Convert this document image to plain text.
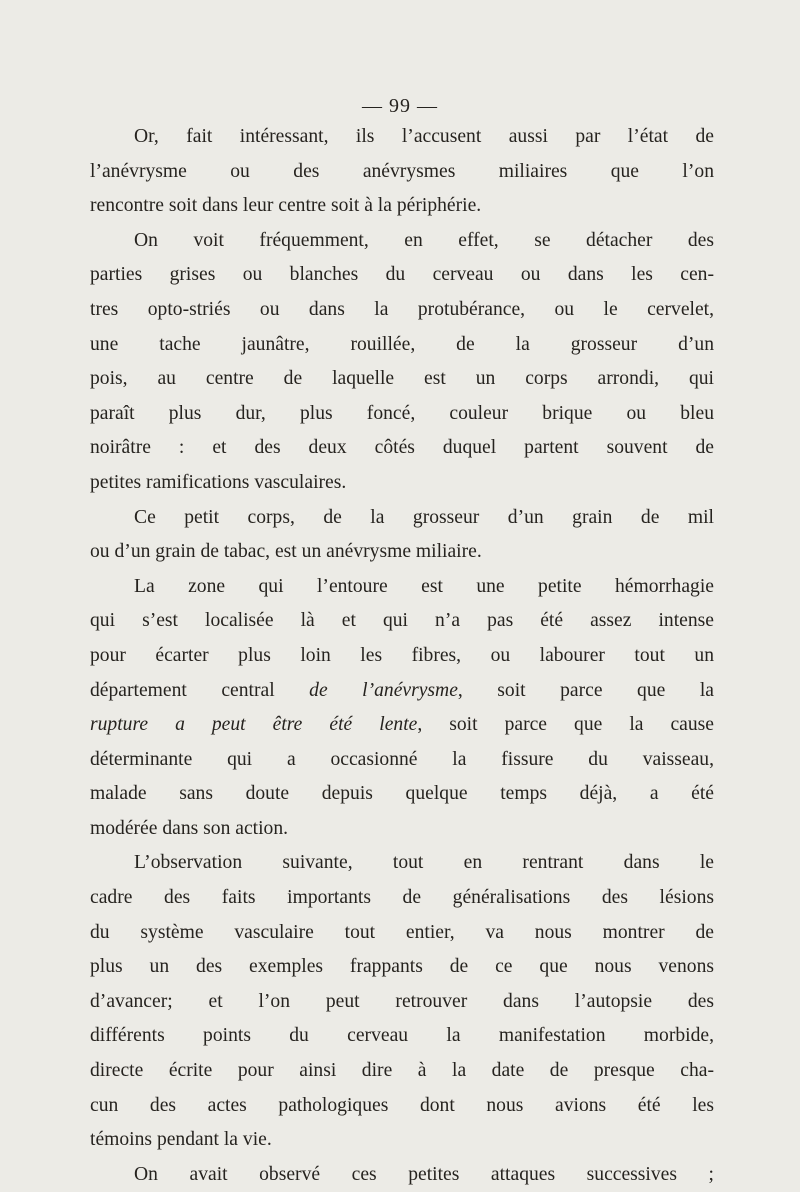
— 99 —
Or, fait intéressant, ils l’accusent aussi par l’état de
l’anévrysme ou des anévrysmes miliaires que l’on
rencontre soit dans leur centre soit à la périphérie.
On voit fréquemment, en effet, se détacher des
parties grises ou blanches du cerveau ou dans les cen-
tres opto-striés ou dans la protubérance, ou le cervelet,
une tache jaunâtre, rouillée, de la grosseur d’un
pois, au centre de laquelle est un corps arrondi, qui
paraît plus dur, plus foncé, couleur brique ou bleu
noirâtre : et des deux côtés duquel partent souvent de
petites ramifications vasculaires.
Ce petit corps, de la grosseur d’un grain de mil
ou d’un grain de tabac, est un anévrysme miliaire.
La zone qui l’entoure est une petite hémorrhagie
qui s’est localisée là et qui n’a pas été assez intense
pour écarter plus loin les fibres, ou labourer tout un
département central de l’anévrysme, soit parce que la
rupture a peut être été lente, soit parce que la cause
déterminante qui a occasionné la fissure du vaisseau,
malade sans doute depuis quelque temps déjà, a été
modérée dans son action.
L’observation suivante, tout en rentrant dans le
cadre des faits importants de généralisations des lésions
du système vasculaire tout entier, va nous montrer de
plus un des exemples frappants de ce que nous venons
d’avancer; et l’on peut retrouver dans l’autopsie des
différents points du cerveau la manifestation morbide,
directe écrite pour ainsi dire à la date de presque cha-
cun des actes pathologiques dont nous avions été les
témoins pendant la vie.
On avait observé ces petites attaques successives ;
